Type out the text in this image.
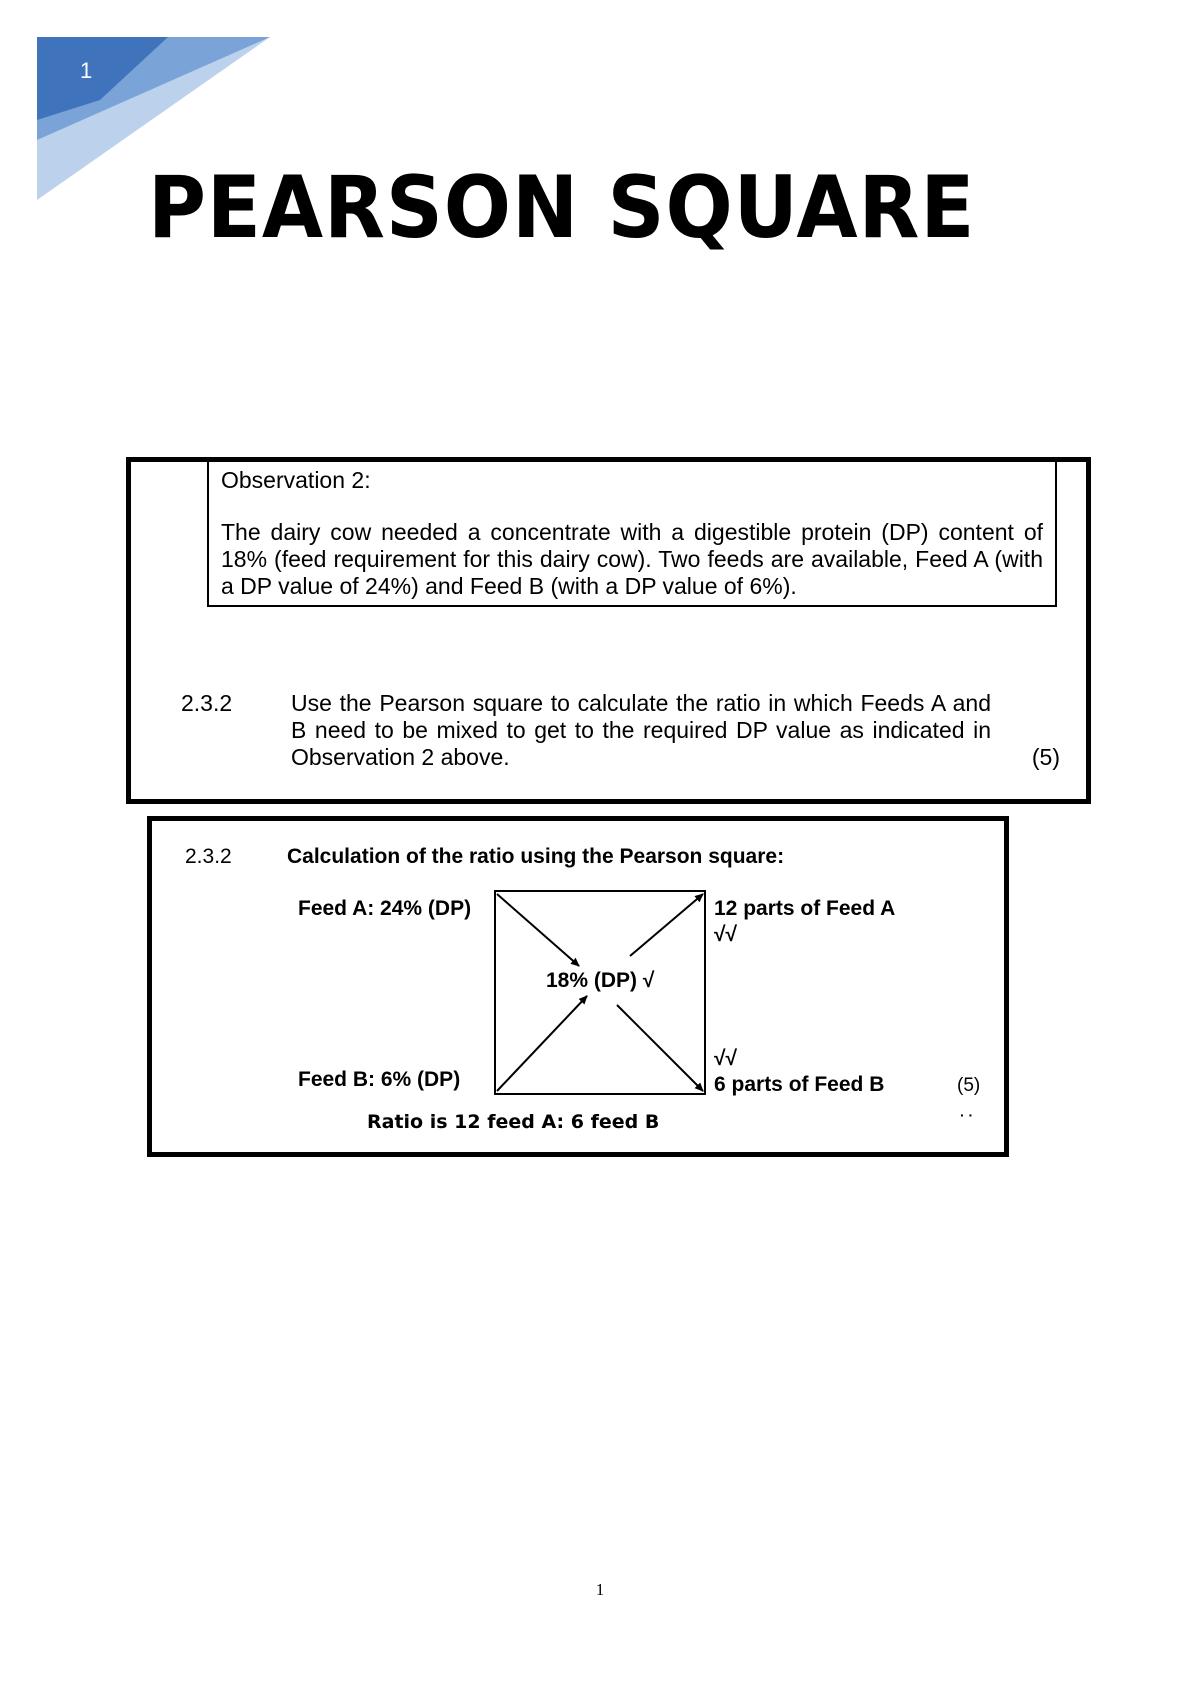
1
PEARSON SQUARE
Observation 2:
The dairy cow needed a concentrate with a digestible protein (DP) content of 18% (feed requirement for this dairy cow). Two feeds are available, Feed A (with a DP value of 24%) and Feed B (with a DP value of 6%).
2.3.2	Use the Pearson square to calculate the ratio in which Feeds A and B need to be mixed to get to the required DP value as indicated in Observation 2 above.	(5)
2.3.2	Calculation of the ratio using the Pearson square:
Feed A: 24% (DP)
Feed B: 6% (DP)
18% (DP) √
12 parts of Feed A
√√
√√
6 parts of Feed B	(5)
· ·
Ratio is 12 feed A: 6 feed B
1
